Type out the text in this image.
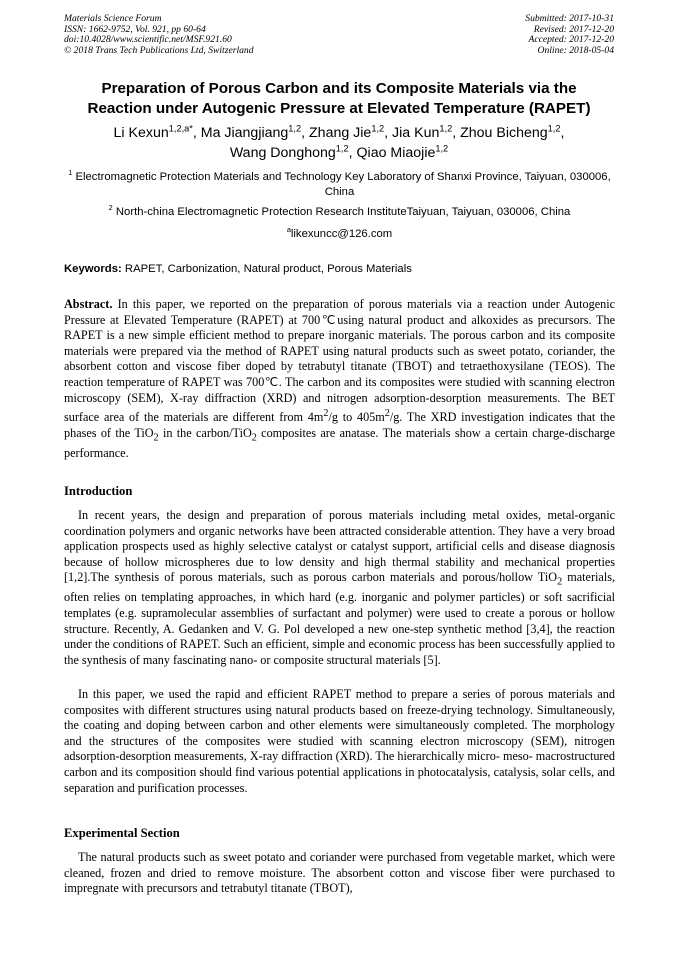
Materials Science Forum
ISSN: 1662-9752, Vol. 921, pp 60-64
doi:10.4028/www.scientific.net/MSF.921.60
© 2018 Trans Tech Publications Ltd, Switzerland
Submitted: 2017-10-31
Revised: 2017-12-20
Accepted: 2017-12-20
Online: 2018-05-04
Preparation of Porous Carbon and its Composite Materials via the
Reaction under Autogenic Pressure at Elevated Temperature (RAPET)
Li Kexun$^{1,2,a*}$, Ma Jiangjiang$^{1,2}$, Zhang Jie$^{1,2}$, Jia Kun$^{1,2}$, Zhou Bicheng$^{1,2}$,
Wang Donghong$^{1,2}$, Qiao Miaojie$^{1,2}$
$^1$ Electromagnetic Protection Materials and Technology Key Laboratory of Shanxi Province, Taiyuan, 030006, China
$^2$ North-china Electromagnetic Protection Research InstituteTaiyuan, Taiyuan, 030006, China
$^a$likexuncc@126.com
Keywords: RAPET, Carbonization, Natural product, Porous Materials
Abstract. In this paper, we reported on the preparation of porous materials via a reaction under Autogenic Pressure at Elevated Temperature (RAPET) at 700℃using natural product and alkoxides as precursors. The RAPET is a new simple efficient method to prepare inorganic materials. The porous carbon and its composite materials were prepared via the method of RAPET using natural products such as sweet potato, coriander, the absorbent cotton and viscose fiber doped by tetrabutyl titanate (TBOT) and tetraethoxysilane (TEOS). The reaction temperature of RAPET was 700℃. The carbon and its composites were studied with scanning electron microscopy (SEM), X-ray diffraction (XRD) and nitrogen adsorption-desorption measurements. The BET surface area of the materials are different from $4m^2/g$ to $405m^2/g$. The XRD investigation indicates that the phases of the TiO$_2$ in the carbon/TiO$_2$ composites are anatase. The materials show a certain charge-discharge performance.
Introduction
In recent years, the design and preparation of porous materials including metal oxides, metal-organic coordination polymers and organic networks have been attracted considerable attention. They have a very broad application prospects used as highly selective catalyst or catalyst support, artificial cells and disease diagnosis because of hollow microspheres due to low density and high thermal stability and mechanical properties [1,2].The synthesis of porous materials, such as porous carbon materials and porous/hollow TiO$_2$ materials, often relies on templating approaches, in which hard (e.g. inorganic and polymer particles) or soft sacrificial templates (e.g. supramolecular assemblies of surfactant and polymer) were used to create a porous or hollow structure. Recently, A. Gedanken and V. G. Pol developed a new one-step synthetic method [3,4], the reaction under the conditions of RAPET. Such an efficient, simple and economic process has been successfully applied to the synthesis of many fascinating nano- or composite structural materials [5].
In this paper, we used the rapid and efficient RAPET method to prepare a series of porous materials and composites with different structures using natural products based on freeze-drying technology. Simultaneously, the coating and doping between carbon and other elements were simultaneously completed. The morphology and the structures of the composites were studied with scanning electron microscopy (SEM), nitrogen adsorption-desorption measurements, X-ray diffraction (XRD). The hierarchically micro- meso- macrostructured carbon and its composition should find various potential applications in photocatalysis, catalysis, solar cells, and separation and purification processes.
Experimental Section
The natural products such as sweet potato and coriander were purchased from vegetable market, which were cleaned, frozen and dried to remove moisture. The absorbent cotton and viscose fiber were purchased to impregnate with precursors and tetrabutyl titanate (TBOT),
